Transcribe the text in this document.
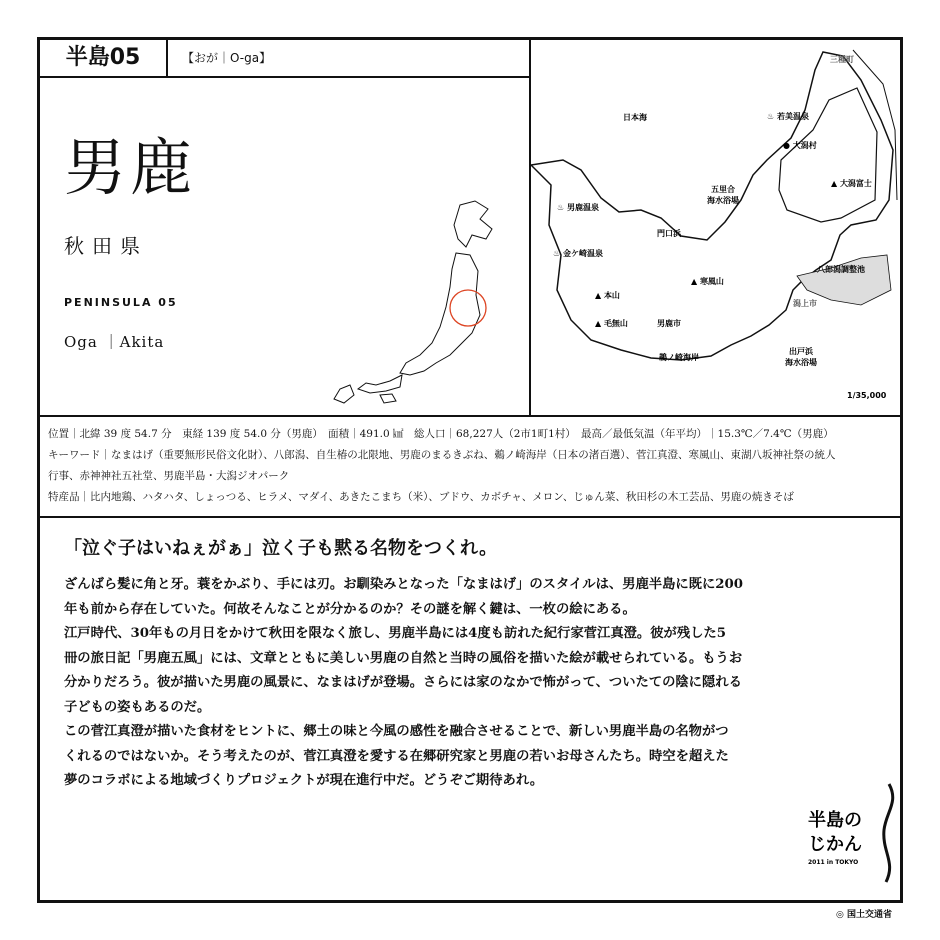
半島05	【おが｜O-ga】
男鹿
秋田県
PENINSULA 05
Oga ｜Akita
三種町
日本海	♨ 若美温泉
● 大潟村
▲ 大潟富士
五里合
海水浴場
♨ 男鹿温泉
門口浜
♨ 金ケ崎温泉
八郎潟調整池
▲ 寒風山
▲ 本山
潟上市
男鹿市
▲ 毛無山
鵜ノ崎海岸
出戸浜
海水浴場
1/35,000
位置｜北緯 39 度 54.7 分　東経 139 度 54.0 分（男鹿）　面積｜491.0 ㎢　総人口｜68,227人（2市1町1村）　最高／最低気温（年平均）｜15.3℃／7.4℃（男鹿）
キーワード｜なまはげ（重要無形民俗文化財）、八郎潟、自生椿の北限地、男鹿のまるきぶね、鵜ノ崎海岸（日本の渚百選）、菅江真澄、寒風山、東湖八坂神社祭の統人
行事、赤神神社五社堂、男鹿半島・大潟ジオパーク
特産品｜比内地鶏、ハタハタ、しょっつる、ヒラメ、マダイ、あきたこまち（米）、ブドウ、カボチャ、メロン、じゅん菜、秋田杉の木工芸品、男鹿の焼きそば
「泣ぐ子はいねぇがぁ」泣く子も黙る名物をつくれ。

ざんばら髪に角と牙。蓑をかぶり、手には刃。お馴染みとなった「なまはげ」のスタイルは、男鹿半島に既に200

年も前から存在していた。何故そんなことが分かるのか？その謎を解く鍵は、一枚の絵にある。

江戸時代、30年もの月日をかけて秋田を限なく旅し、男鹿半島には4度も訪れた紀行家菅江真澄。彼が残した5

冊の旅日記「男鹿五風」には、文章とともに美しい男鹿の自然と当時の風俗を描いた絵が載せられている。もうお

分かりだろう。彼が描いた男鹿の風景に、なまはげが登場。さらには家のなかで怖がって、ついたての陰に隠れる

子どもの姿もあるのだ。

この菅江真澄が描いた食材をヒントに、郷土の味と今風の感性を融合させることで、新しい男鹿半島の名物がつ

くれるのではないか。そう考えたのが、菅江真澄を愛する在郷研究家と男鹿の若いお母さんたち。時空を超えた

夢のコラボによる地域づくりプロジェクトが現在進行中だ。どうぞご期待あれ。

半島の
じかん
2011 in TOKYO
◎ 国土交通省
